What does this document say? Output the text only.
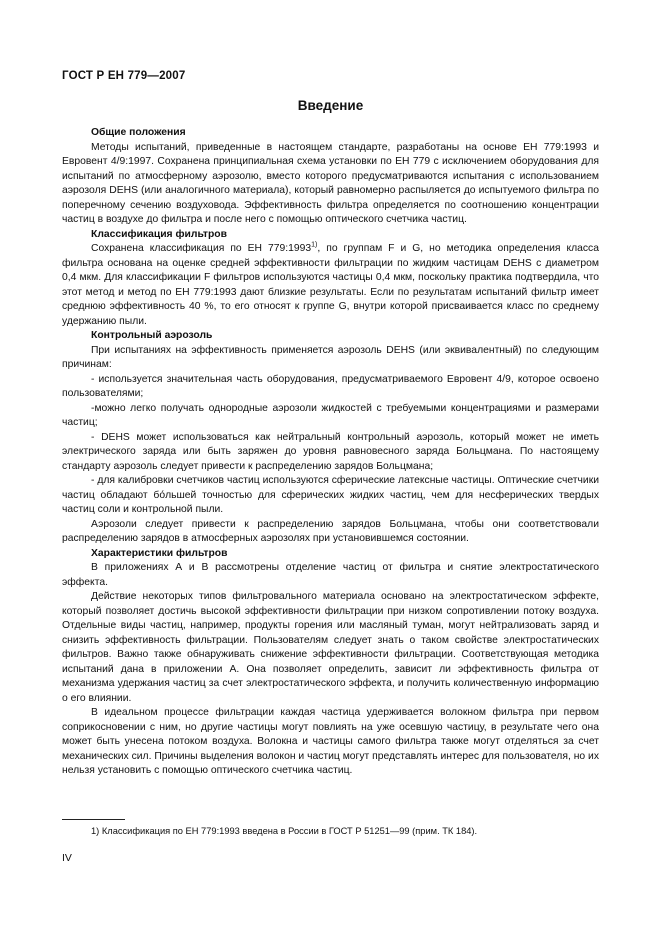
ГОСТ Р ЕН 779—2007
Введение
Общие положения

Методы испытаний, приведенные в настоящем стандарте, разработаны на основе ЕН 779:1993 и Евровент 4/9:1997. Сохранена принципиальная схема установки по ЕН 779 с исключением оборудования для испытаний по атмосферному аэрозолю, вместо которого предусматриваются испытания с использованием аэрозоля DEHS (или аналогичного материала), который равномерно распыляется до испытуемого фильтра по поперечному сечению воздуховода. Эффективность фильтра определяется по соотношению концентрации частиц в воздухе до фильтра и после него с помощью оптического счетчика частиц.

Классификация фильтров

Сохранена классификация по ЕН 779:1993$^{1)}$, по группам F и G, но методика определения класса фильтра основана на оценке средней эффективности фильтрации по жидким частицам DEHS с диаметром 0,4 мкм. Для классификации F фильтров используются частицы 0,4 мкм, поскольку практика подтвердила, что этот метод и метод по ЕН 779:1993 дают близкие результаты. Если по результатам испытаний фильтр имеет среднюю эффективность 40 %, то его относят к группе G, внутри которой присваивается класс по среднему удержанию пыли.

Контрольный аэрозоль

При испытаниях на эффективность применяется аэрозоль DEHS (или эквивалентный) по следующим причинам:

- используется значительная часть оборудования, предусматриваемого Евровент 4/9, которое освоено пользователями;

-можно легко получать однородные аэрозоли жидкостей с требуемыми концентрациями и размерами частиц;

- DEHS может использоваться как нейтральный контрольный аэрозоль, который может не иметь электрического заряда или быть заряжен до уровня равновесного заряда Больцмана. По настоящему стандарту аэрозоль следует привести к распределению зарядов Больцмана;

- для калибровки счетчиков частиц используются сферические латексные частицы. Оптические счетчики частиц обладают бо́льшей точностью для сферических жидких частиц, чем для несферических твердых частиц соли и контрольной пыли.

Аэрозоли следует привести к распределению зарядов Больцмана, чтобы они соответствовали распределению зарядов в атмосферных аэрозолях при установившемся состоянии.

Характеристики фильтров

В приложениях А и В рассмотрены отделение частиц от фильтра и снятие электростатического эффекта.

Действие некоторых типов фильтровального материала основано на электростатическом эффекте, который позволяет достичь высокой эффективности фильтрации при низком сопротивлении потоку воздуха. Отдельные виды частиц, например, продукты горения или масляный туман, могут нейтрализовать заряд и снизить эффективность фильтрации. Пользователям следует знать о таком свойстве электростатических фильтров. Важно также обнаруживать снижение эффективности фильтрации. Соответствующая методика испытаний дана в приложении А. Она позволяет определить, зависит ли эффективность фильтра от механизма удержания частиц за счет электростатического эффекта, и получить количественную информацию о его влиянии.

В идеальном процессе фильтрации каждая частица удерживается волокном фильтра при первом соприкосновении с ним, но другие частицы могут повлиять на уже осевшую частицу, в результате чего она может быть унесена потоком воздуха. Волокна и частицы самого фильтра также могут отделяться за счет механических сил. Причины выделения волокон и частиц могут представлять интерес для пользователя, но их нельзя установить с помощью оптического счетчика частиц.

1) Классификация по ЕН 779:1993 введена в России в ГОСТ Р 51251—99 (прим. ТК 184).
IV
